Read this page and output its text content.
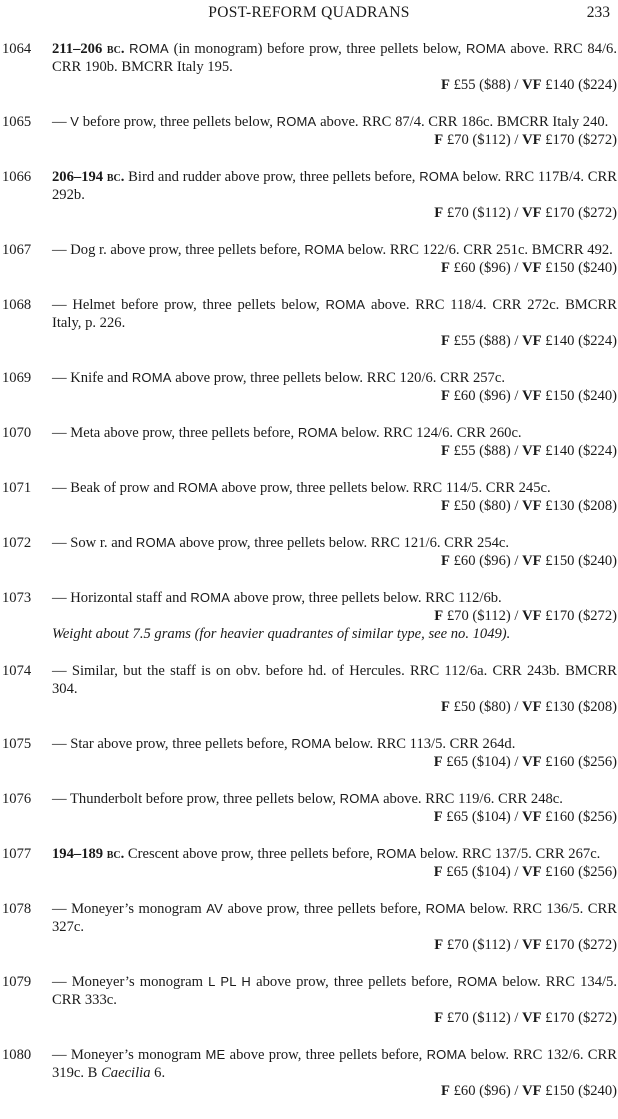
POST-REFORM QUADRANS	233
1064 211–206 bc. ROMA (in monogram) before prow, three pellets below, ROMA above. RRC 84/6. CRR 190b. BMCRR Italy 195.
F £55 ($88) / VF £140 ($224)
1065 — V before prow, three pellets below, ROMA above. RRC 87/4. CRR 186c. BMCRR Italy 240.
F £70 ($112) / VF £170 ($272)
1066 206–194 bc. Bird and rudder above prow, three pellets before, ROMA below. RRC 117B/4. CRR 292b.
F £70 ($112) / VF £170 ($272)
1067 — Dog r. above prow, three pellets before, ROMA below. RRC 122/6. CRR 251c. BMCRR 492.
F £60 ($96) / VF £150 ($240)
1068 — Helmet before prow, three pellets below, ROMA above. RRC 118/4. CRR 272c. BMCRR Italy, p. 226.
F £55 ($88) / VF £140 ($224)
1069 — Knife and ROMA above prow, three pellets below. RRC 120/6. CRR 257c.
F £60 ($96) / VF £150 ($240)
1070 — Meta above prow, three pellets before, ROMA below. RRC 124/6. CRR 260c.
F £55 ($88) / VF £140 ($224)
1071 — Beak of prow and ROMA above prow, three pellets below. RRC 114/5. CRR 245c.
F £50 ($80) / VF £130 ($208)
1072 — Sow r. and ROMA above prow, three pellets below. RRC 121/6. CRR 254c.
F £60 ($96) / VF £150 ($240)
1073 — Horizontal staff and ROMA above prow, three pellets below. RRC 112/6b.
F £70 ($112) / VF £170 ($272)
Weight about 7.5 grams (for heavier quadrantes of similar type, see no. 1049).
1074 — Similar, but the staff is on obv. before hd. of Hercules. RRC 112/6a. CRR 243b. BMCRR 304.
F £50 ($80) / VF £130 ($208)
1075 — Star above prow, three pellets before, ROMA below. RRC 113/5. CRR 264d.
F £65 ($104) / VF £160 ($256)
1076 — Thunderbolt before prow, three pellets below, ROMA above. RRC 119/6. CRR 248c.
F £65 ($104) / VF £160 ($256)
1077 194–189 bc. Crescent above prow, three pellets before, ROMA below. RRC 137/5. CRR 267c.
F £65 ($104) / VF £160 ($256)
1078 — Moneyer’s monogram AV above prow, three pellets before, ROMA below. RRC 136/5. CRR 327c.
F £70 ($112) / VF £170 ($272)
1079 — Moneyer’s monogram L PL H above prow, three pellets before, ROMA below. RRC 134/5. CRR 333c.
F £70 ($112) / VF £170 ($272)
1080 — Moneyer’s monogram ME above prow, three pellets before, ROMA below. RRC 132/6. CRR 319c. B Caecilia 6.
F £60 ($96) / VF £150 ($240)
